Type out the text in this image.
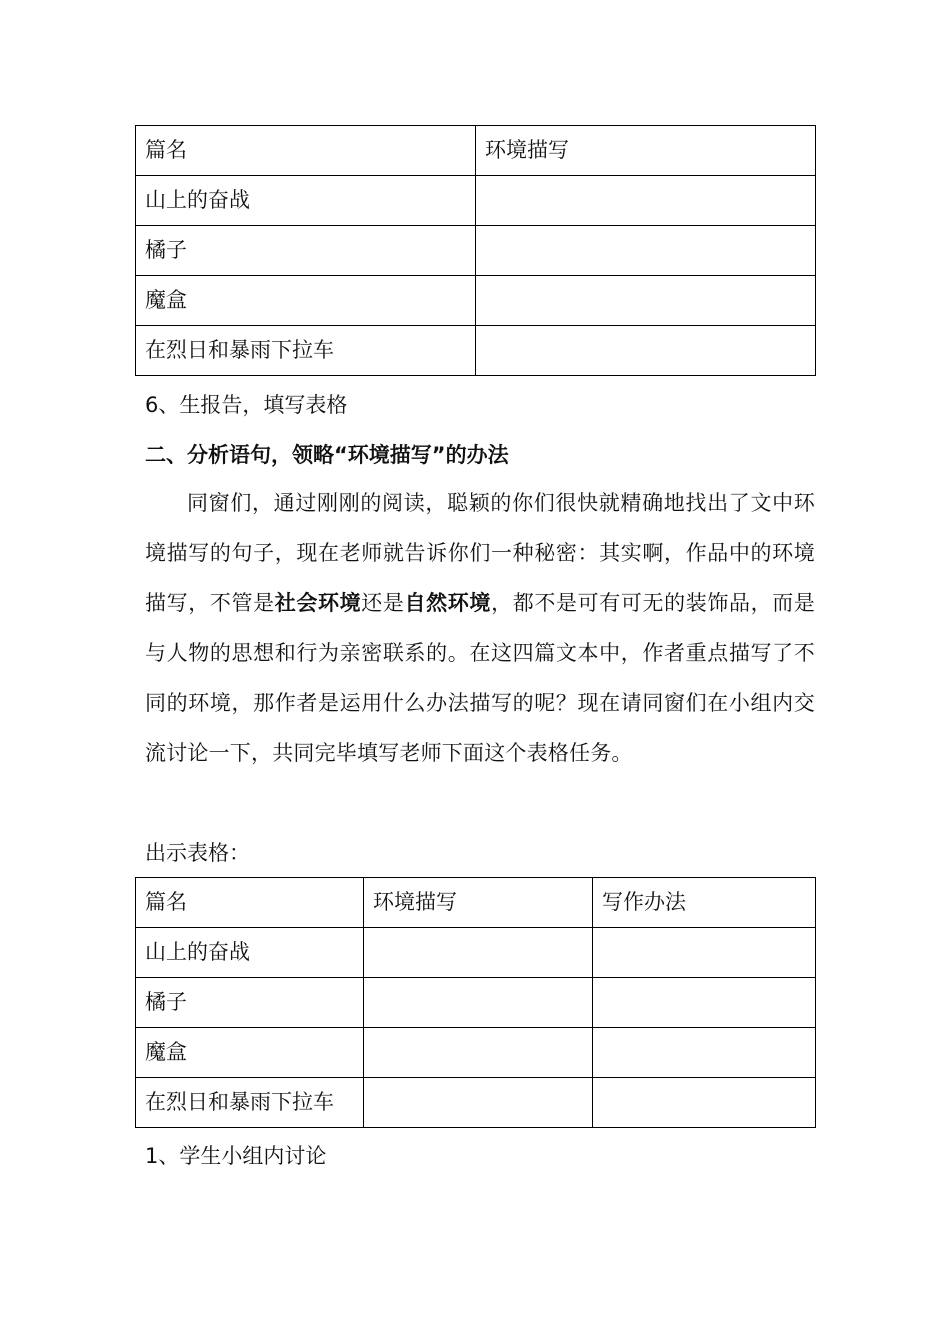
篇名	环境描写
山上的奋战	
橘子	
魔盒	
在烈日和暴雨下拉车	
6、生报告，填写表格
二、分析语句，领略“环境描写”的办法
同窗们，通过刚刚的阅读，聪颖的你们很快就精确地找出了文中环境描写的句子，现在老师就告诉你们一种秘密：其实啊，作品中的环境描写，不管是社会环境还是自然环境，都不是可有可无的装饰品，而是与人物的思想和行为亲密联系的。在这四篇文本中，作者重点描写了不同的环境，那作者是运用什么办法描写的呢？现在请同窗们在小组内交流讨论一下，共同完毕填写老师下面这个表格任务。
出示表格：
篇名	环境描写	写作办法
山上的奋战		
橘子		
魔盒		
在烈日和暴雨下拉车		
1、学生小组内讨论
